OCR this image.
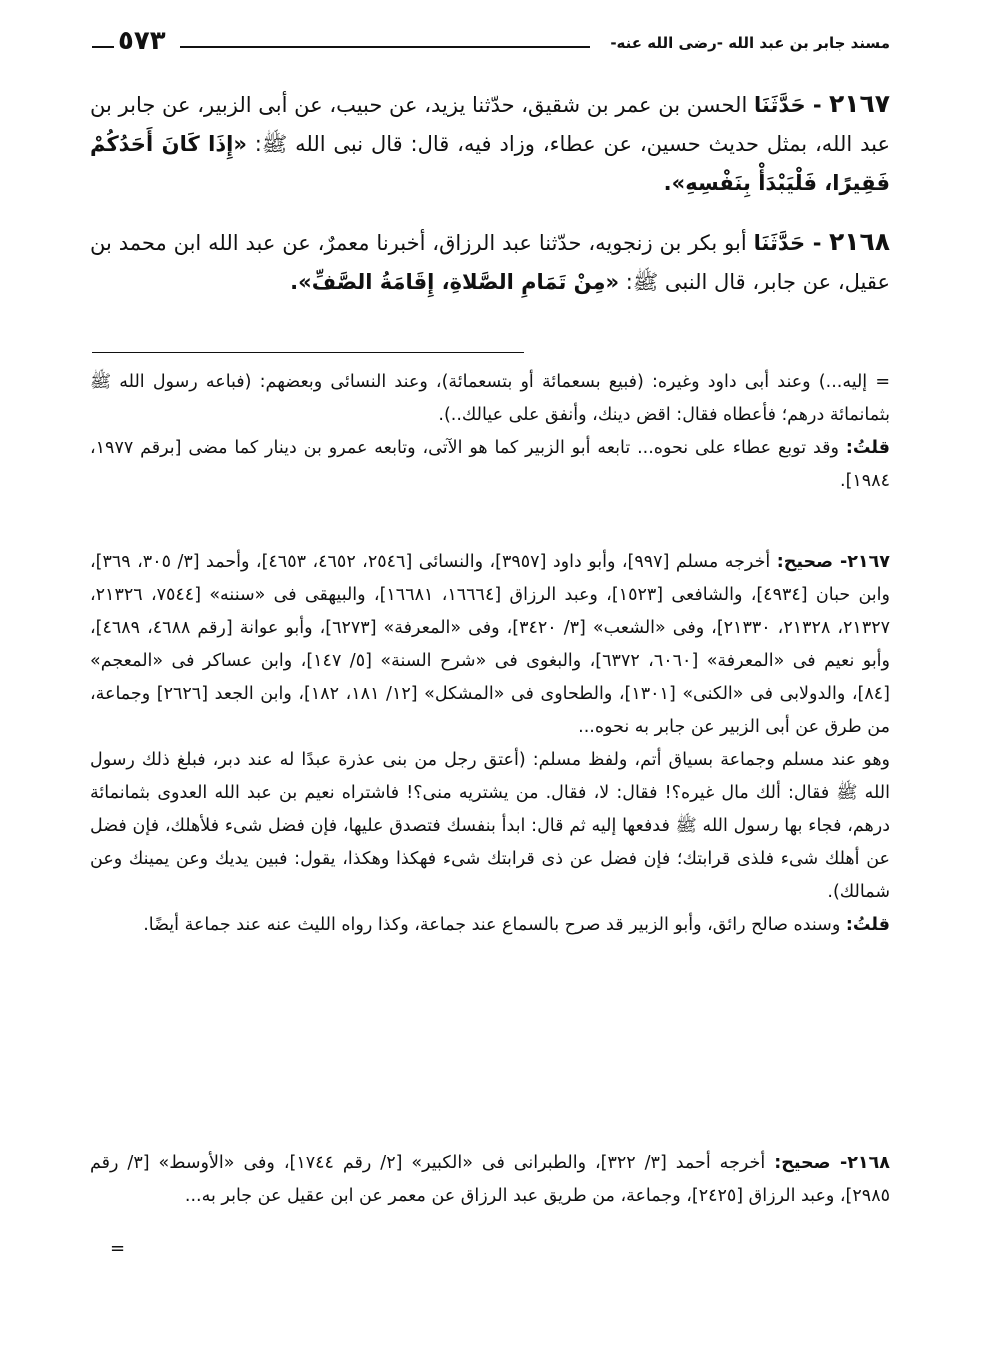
مسند جابر بن عبد الله -رضى الله عنه-
٥٧٣
٢١٦٧ - حَدَّثَنَا الحسن بن عمر بن شقيق، حدّثنا يزيد، عن حبيب، عن أبى الزبير، عن جابر بن عبد الله، بمثل حديث حسين، عن عطاء، وزاد فيه، قال: قال نبى الله ﷺ: «إِذَا كَانَ أَحَدُكُمْ فَقِيرًا، فَلْيَبْدَأْ بِنَفْسِهِ».
٢١٦٨ - حَدَّثَنَا أبو بكر بن زنجويه، حدّثنا عبد الرزاق، أخبرنا معمرٌ، عن عبد الله ابن محمد بن عقيل، عن جابر، قال النبى ﷺ: «مِنْ تَمَامِ الصَّلاةِ، إِقَامَةُ الصَّفِّ».
= إليه...) وعند أبى داود وغيره: (فبيع بسعمائة أو بتسعمائة)، وعند النسائى وبعضهم: (فباعه رسول الله ﷺ بثمانمائة درهم؛ فأعطاه فقال: اقض دينك، وأنفق على عيالك..).
قلتُ: وقد توبع عطاء على نحوه... تابعه أبو الزبير كما هو الآتى، وتابعه عمرو بن دينار كما مضى [برقم ١٩٧٧، ١٩٨٤].
٢١٦٧- صحيح: أخرجه مسلم [٩٩٧]، وأبو داود [٣٩٥٧]، والنسائى [٢٥٤٦، ٤٦٥٢، ٤٦٥٣]، وأحمد [٣/ ٣٠٥، ٣٦٩]، وابن حبان [٤٩٣٤]، والشافعى [١٥٢٣]، وعبد الرزاق [١٦٦٦٤، ١٦٦٨١]، والبيهقى فى «سننه» [٧٥٤٤، ٢١٣٢٦، ٢١٣٢٧، ٢١٣٢٨، ٢١٣٣٠]، وفى «الشعب» [٣/ ٣٤٢٠]، وفى «المعرفة» [٦٢٧٣]، وأبو عوانة [رقم ٤٦٨٨، ٤٦٨٩]، وأبو نعيم فى «المعرفة» [٦٠٦٠، ٦٣٧٢]، والبغوى فى «شرح السنة» [٥/ ١٤٧]، وابن عساكر فى «المعجم» [٨٤]، والدولابى فى «الكنى» [١٣٠١]، والطحاوى فى «المشكل» [١٢/ ١٨١، ١٨٢]، وابن الجعد [٢٦٢٦] وجماعة، من طرق عن أبى الزبير عن جابر به نحوه...
وهو عند مسلم وجماعة بسياق أتم، ولفظ مسلم: (أعتق رجل من بنى عذرة عبدًا له عند دبر، فبلغ ذلك رسول الله ﷺ فقال: ألك مال غيره؟! فقال: لا، فقال. من يشتريه منى؟! فاشتراه نعيم بن عبد الله العدوى بثمانمائة درهم، فجاء بها رسول الله ﷺ فدفعها إليه ثم قال: ابدأ بنفسك فتصدق عليها، فإن فضل شىء فلأهلك، فإن فضل عن أهلك شىء فلذى قرابتك؛ فإن فضل عن ذى قرابتك شىء فهكذا وهكذا، يقول: فبين يديك وعن يمينك وعن شمالك).
قلتُ: وسنده صالح رائق، وأبو الزبير قد صرح بالسماع عند جماعة، وكذا رواه الليث عنه عند جماعة أيضًا.
٢١٦٨- صحيح: أخرجه أحمد [٣/ ٣٢٢]، والطبرانى فى «الكبير» [٢/ رقم ١٧٤٤]، وفى «الأوسط» [٣/ رقم ٢٩٨٥]، وعبد الرزاق [٢٤٢٥]، وجماعة، من طريق عبد الرزاق عن معمر عن ابن عقيل عن جابر به...
=
